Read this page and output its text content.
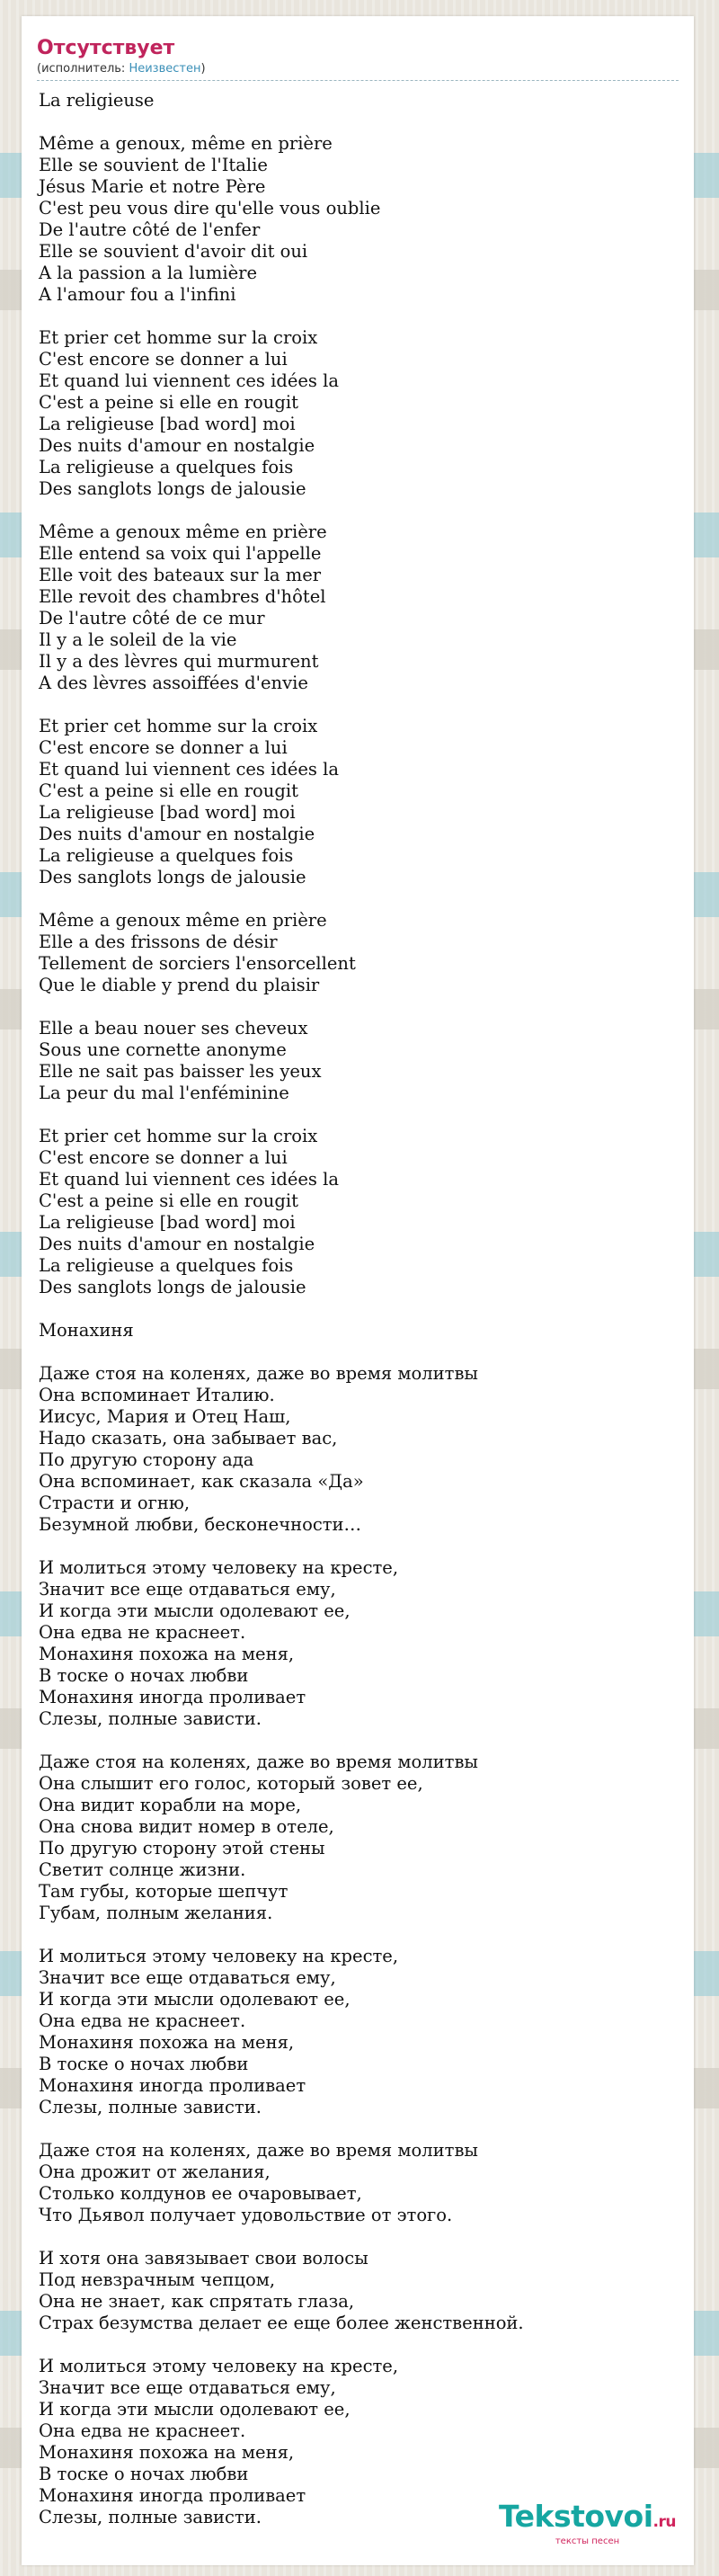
Отсутствует
(исполнитель: Неизвестен)
La religieuse
Même a genoux, même en prière
Elle se souvient de l'Italie
Jésus Marie et notre Père
C'est peu vous dire qu'elle vous oublie
De l'autre côté de l'enfer
Elle se souvient d'avoir dit oui
A la passion a la lumière
A l'amour fou a l'infini
Et prier cet homme sur la croix
C'est encore se donner a lui
Et quand lui viennent ces idées la
C'est a peine si elle en rougit
La religieuse [bad word] moi
Des nuits d'amour en nostalgie
La religieuse a quelques fois
Des sanglots longs de jalousie
Même a genoux même en prière
Elle entend sa voix qui l'appelle
Elle voit des bateaux sur la mer
Elle revoit des chambres d'hôtel
De l'autre côté de ce mur
Il y a le soleil de la vie
Il y a des lèvres qui murmurent
A des lèvres assoiffées d'envie
Et prier cet homme sur la croix
C'est encore se donner a lui
Et quand lui viennent ces idées la
C'est a peine si elle en rougit
La religieuse [bad word] moi
Des nuits d'amour en nostalgie
La religieuse a quelques fois
Des sanglots longs de jalousie
Même a genoux même en prière
Elle a des frissons de désir
Tellement de sorciers l'ensorcellent
Que le diable y prend du plaisir
Elle a beau nouer ses cheveux
Sous une cornette anonyme
Elle ne sait pas baisser les yeux
La peur du mal l'enféminine
Et prier cet homme sur la croix
C'est encore se donner a lui
Et quand lui viennent ces idées la
C'est a peine si elle en rougit
La religieuse [bad word] moi
Des nuits d'amour en nostalgie
La religieuse a quelques fois
Des sanglots longs de jalousie
Монахиня
Даже стоя на коленях, даже во время молитвы
Она вспоминает Италию.
Иисус, Мария и Отец Наш,
Надо сказать, она забывает вас,
По другую сторону ада
Она вспоминает, как сказала «Да»
Страсти и огню,
Безумной любви, бесконечности…
И молиться этому человеку на кресте,
Значит все еще отдаваться ему,
И когда эти мысли одолевают ее,
Она едва не краснеет.
Монахиня похожа на меня,
В тоске о ночах любви
Монахиня иногда проливает
Слезы, полные зависти.
Даже стоя на коленях, даже во время молитвы
Она слышит его голос, который зовет ее,
Она видит корабли на море,
Она снова видит номер в отеле,
По другую сторону этой стены
Светит солнце жизни.
Там губы, которые шепчут
Губам, полным желания.
И молиться этому человеку на кресте,
Значит все еще отдаваться ему,
И когда эти мысли одолевают ее,
Она едва не краснеет.
Монахиня похожа на меня,
В тоске о ночах любви
Монахиня иногда проливает
Слезы, полные зависти.
Даже стоя на коленях, даже во время молитвы
Она дрожит от желания,
Столько колдунов ее очаровывает,
Что Дьявол получает удовольствие от этого.
И хотя она завязывает свои волосы
Под невзрачным чепцом,
Она не знает, как спрятать глаза,
Страх безумства делает ее еще более женственной.
И молиться этому человеку на кресте,
Значит все еще отдаваться ему,
И когда эти мысли одолевают ее,
Она едва не краснеет.
Монахиня похожа на меня,
В тоске о ночах любви
Монахиня иногда проливает
Слезы, полные зависти.	Tekstovoi.ru
тексты песен
